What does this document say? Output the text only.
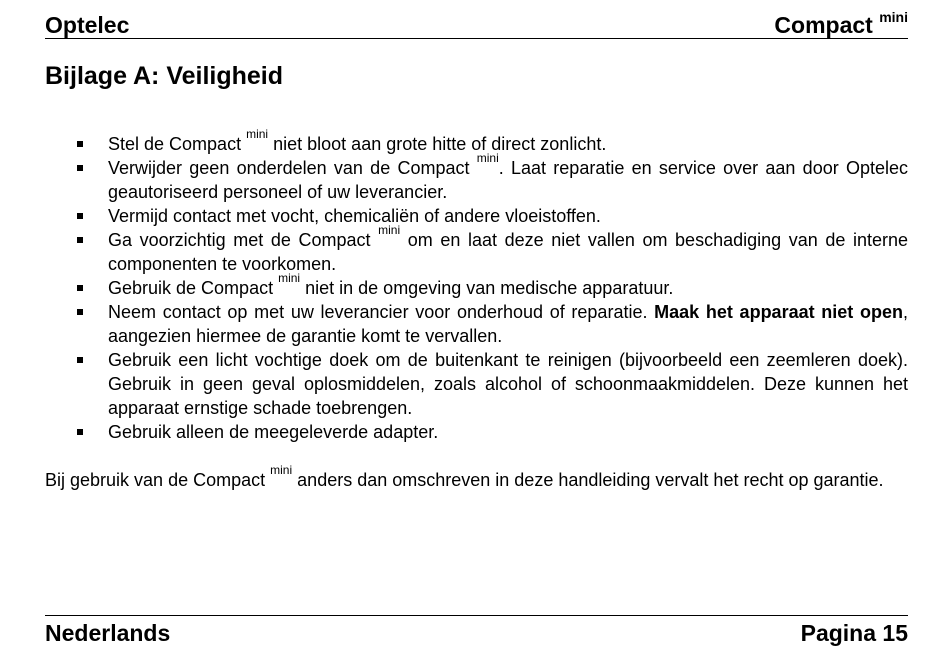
Optelec	Compact $^{mini}$
Bijlage A: Veiligheid
Stel de Compact $^{mini}$ niet bloot aan grote hitte of direct zonlicht.
Verwijder geen onderdelen van de Compact $^{mini}$. Laat reparatie en service over aan door Optelec geautoriseerd personeel of uw leverancier.
Vermijd contact met vocht, chemicaliën of andere vloeistoffen.
Ga voorzichtig met de Compact $^{mini}$ om en laat deze niet vallen om beschadiging van de interne componenten te voorkomen.
Gebruik de Compact $^{mini}$ niet in de omgeving van medische apparatuur.
Neem contact op met uw leverancier voor onderhoud of reparatie. Maak het apparaat niet open, aangezien hiermee de garantie komt te vervallen.
Gebruik een licht vochtige doek om de buitenkant te reinigen (bijvoorbeeld een zeemleren doek). Gebruik in geen geval oplosmiddelen, zoals alcohol of schoonmaakmiddelen. Deze kunnen het apparaat ernstige schade toebrengen.
Gebruik alleen de meegeleverde adapter.

Bij gebruik van de Compact $^{mini}$ anders dan omschreven in deze handleiding vervalt het recht op garantie.

Nederlands	Pagina 15
